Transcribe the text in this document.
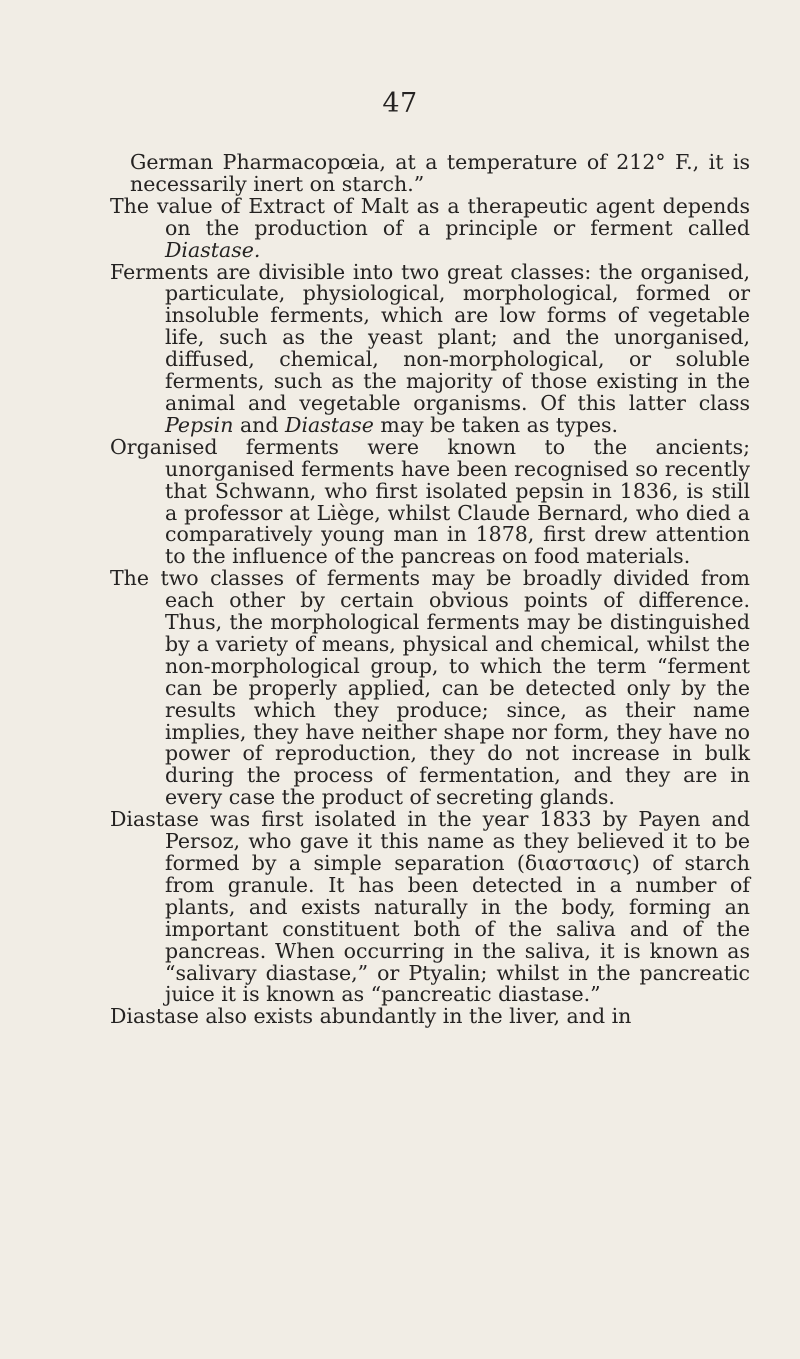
47

German Pharmacopœia, at a temperature of 212° F., it is necessarily inert on starch.”

The value of Extract of Malt as a therapeutic agent depends on the production of a principle or ferment called Diastase.

Ferments are divisible into two great classes: the organised, particulate, physiological, morphological, formed or insoluble ferments, which are low forms of vegetable life, such as the yeast plant; and the unorganised, diffused, chemical, non-morphological, or soluble ferments, such as the majority of those existing in the animal and vegetable organisms. Of this latter class Pepsin and Diastase may be taken as types.

Organised ferments were known to the ancients; unorganised ferments have been recognised so recently that Schwann, who first isolated pepsin in 1836, is still a professor at Liège, whilst Claude Bernard, who died a comparatively young man in 1878, first drew attention to the influence of the pancreas on food materials.

The two classes of ferments may be broadly divided from each other by certain obvious points of difference. Thus, the morphological ferments may be distinguished by a variety of means, physical and chemical, whilst the non-morphological group, to which the term “ferment can be properly applied, can be detected only by the results which they produce; since, as their name implies, they have neither shape nor form, they have no power of reproduction, they do not increase in bulk during the process of fermentation, and they are in every case the product of secreting glands.

Diastase was first isolated in the year 1833 by Payen and Persoz, who gave it this name as they believed it to be formed by a simple separation (διαστασις) of starch from granule. It has been detected in a number of plants, and exists naturally in the body, forming an important constituent both of the saliva and of the pancreas. When occurring in the saliva, it is known as “salivary diastase,” or Ptyalin; whilst in the pancreatic juice it is known as “pancreatic diastase.”

Diastase also exists abundantly in the liver, and in
